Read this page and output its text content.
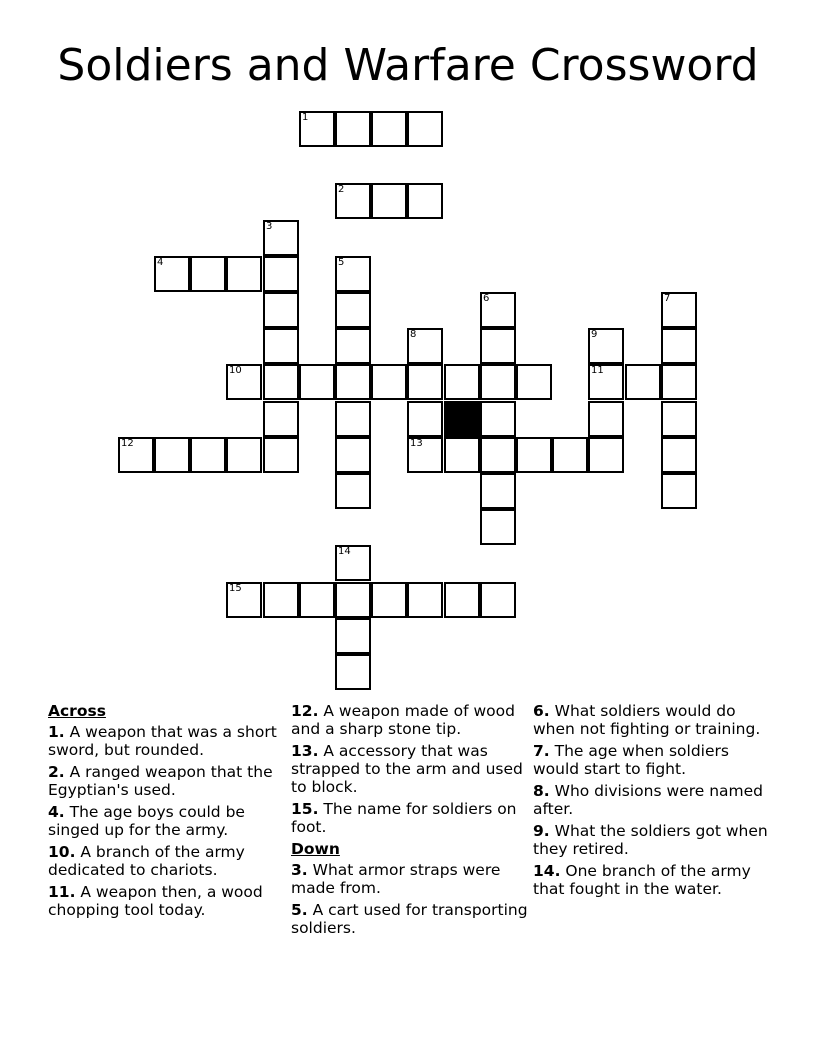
Soldiers and Warfare Crossword
1
2
3
4	5
6	7
8	9
10	11
12	13
14
15
Across
1. A weapon that was a short sword, but rounded.
2. A ranged weapon that the Egyptian's used.
4. The age boys could be singed up for the army.
10. A branch of the army dedicated to chariots.
11. A weapon then, a wood chopping tool today.
12. A weapon made of wood and a sharp stone tip.
13. A accessory that was strapped to the arm and used to block.
15. The name for soldiers on foot.
Down
3. What armor straps were made from.
5. A cart used for transporting soldiers.
6. What soldiers would do when not fighting or training.
7. The age when soldiers would start to fight.
8. Who divisions were named after.
9. What the soldiers got when they retired.
14. One branch of the army that fought in the water.
